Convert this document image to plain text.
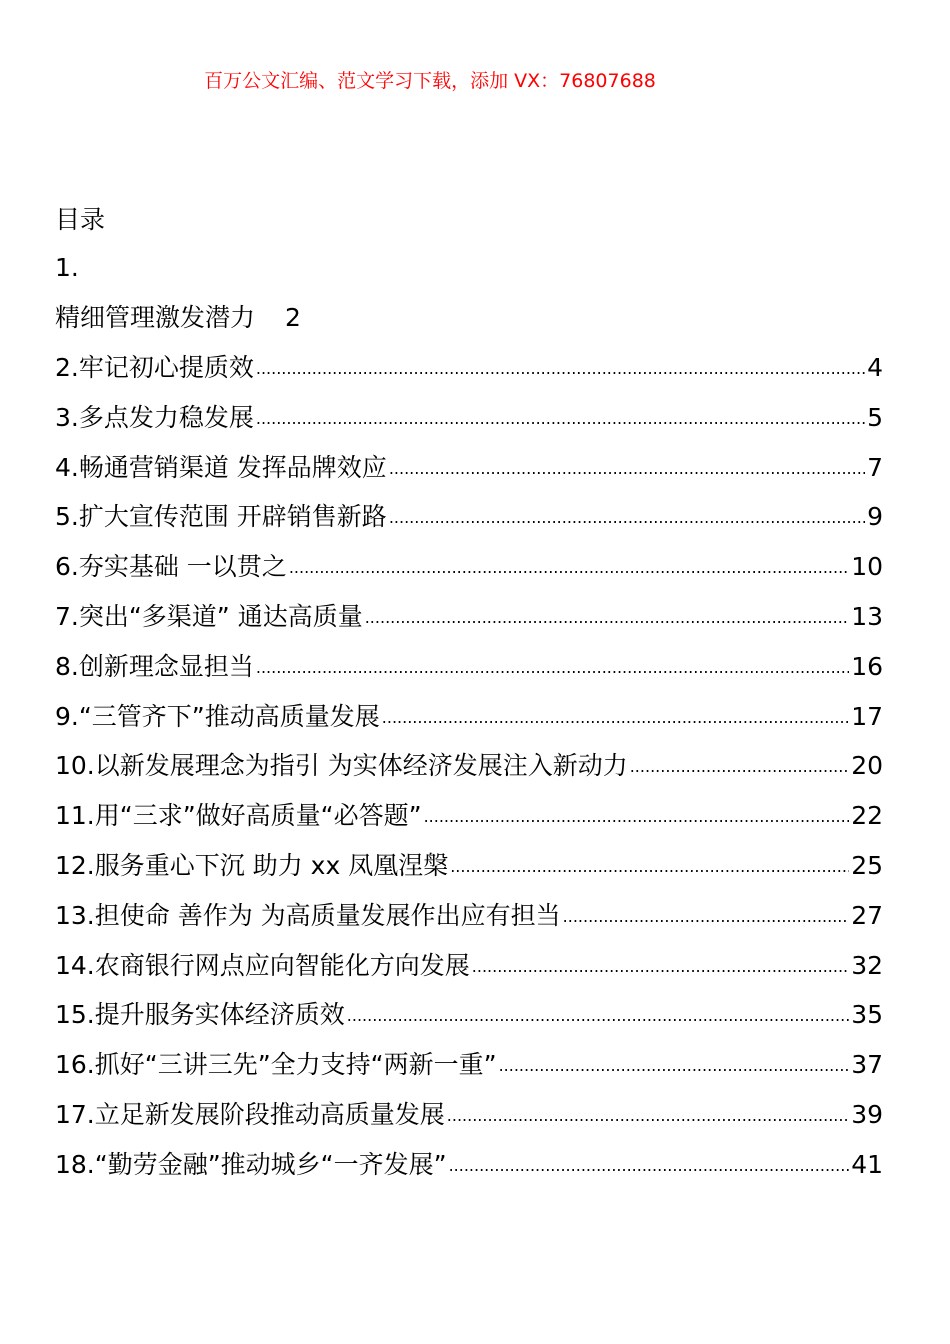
百万公文汇编、范文学习下载，添加 VX：76807688
目录
1.
精细管理激发潜力 2
2.牢记初心提质效 .....	4
3.多点发力稳发展 .....	5
4.畅通营销渠道 发挥品牌效应 .....	7
5.扩大宣传范围 开辟销售新路 .....	9
6.夯实基础 一以贯之 .....	10
7.突出“多渠道” 通达高质量 .....	13
8.创新理念显担当 .....	16
9.“三管齐下”推动高质量发展 .....	17
10.以新发展理念为指引 为实体经济发展注入新动力 .....	20
11.用“三求”做好高质量“必答题” .....	22
12.服务重心下沉 助力 xx 凤凰涅槃 .....	25
13.担使命 善作为 为高质量发展作出应有担当 .....	27
14.农商银行网点应向智能化方向发展 .....	32
15.提升服务实体经济质效 .....	35
16.抓好“三讲三先”全力支持“两新一重” .....	37
17.立足新发展阶段推动高质量发展 .....	39
18.“勤劳金融”推动城乡“一齐发展” .....	41
